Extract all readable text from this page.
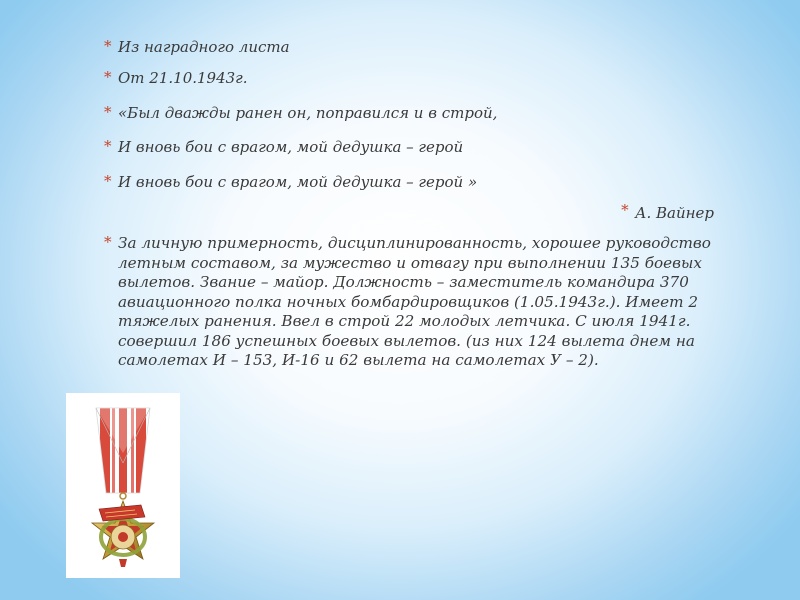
* Из наградного листа
* От 21.10.1943г.
* «Был дважды ранен он, поправился и в строй,
* И вновь бои с врагом, мой дедушка – герой
* И вновь бои с врагом, мой дедушка – герой »
* А. Вайнер
* За личную примерность, дисциплинированность, хорошее руководство летным составом, за мужество и отвагу при выполнении 135 боевых вылетов. Звание – майор. Должность – заместитель командира 370 авиационного полка ночных бомбардировщиков (1.05.1943г.). Имеет 2 тяжелых ранения. Ввел в строй 22 молодых летчика. С июля 1941г. совершил 186 успешных боевых вылетов. (из них 124 вылета днем на самолетах И – 153, И-16 и 62 вылета на самолетах У – 2).
